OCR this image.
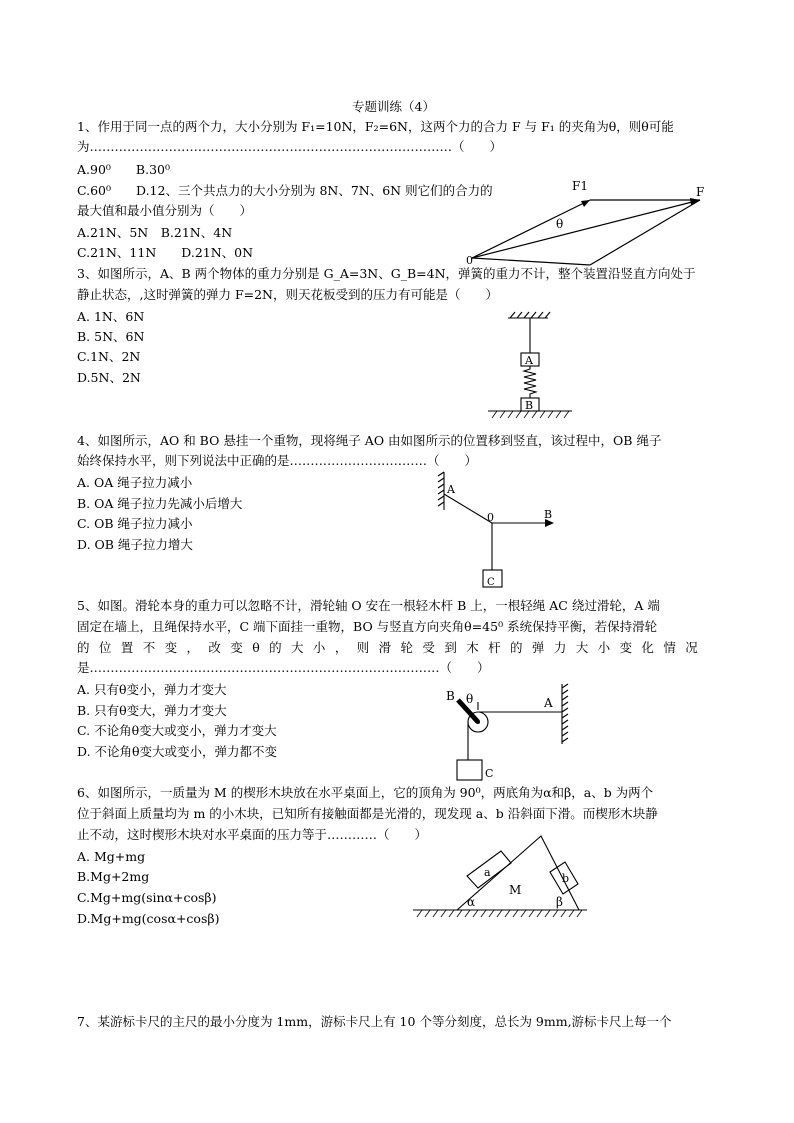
专题训练（4）
1、作用于同一点的两个力，大小分别为 F₁=10N，F₂=6N，这两个力的合力 F 与 F₁ 的夹角为θ，则θ可能
为……………………………………………………………………………（　　）
A.90⁰　　B.30⁰
C.60⁰　　D.12、三个共点力的大小分别为 8N、7N、6N 则它们的合力的
最大值和最小值分别为（　　）
A.21N、5N　B.21N、4N
C.21N、11N　　D.21N、0N
F1	F
θ
0
3、如图所示，A、B 两个物体的重力分别是 G_A=3N、G_B=4N，弹簧的重力不计，整个装置沿竖直方向处于
静止状态，,这时弹簧的弹力 F=2N，则天花板受到的压力有可能是（　　）
A. 1N、6N
B. 5N、6N
C.1N、2N
D.5N、2N
A
B
4、如图所示，AO 和 BO 悬挂一个重物，现将绳子 AO 由如图所示的位置移到竖直，该过程中，OB 绳子
始终保持水平，则下列说法中正确的是……………………………（　　）
A. OA 绳子拉力减小
B. OA 绳子拉力先减小后增大
C. OB 绳子拉力减小
D. OB 绳子拉力增大
A
0	B
C
5、如图。滑轮本身的重力可以忽略不计，滑轮轴 O 安在一根轻木杆 B 上，一根轻绳 AC 绕过滑轮，A 端
固定在墙上，且绳保持水平，C 端下面挂一重物，BO 与竖直方向夹角θ=45⁰ 系统保持平衡，若保持滑轮
的位置不变，改变θ的大小，则滑轮受到木杆的弹力大小变化情况
是…………………………………………………………………………（　　）
A. 只有θ变小，弹力才变大
B. 只有θ变大，弹力才变大
C. 不论角θ变大或变小，弹力才变大
D. 不论角θ变大或变小，弹力都不变
B θ	A
C
6、如图所示，一质量为 M 的楔形木块放在水平桌面上，它的顶角为 90⁰，两底角为α和β，a、b 为两个
位于斜面上质量均为 m 的小木块，已知所有接触面都是光滑的，现发现 a、b 沿斜面下滑。而楔形木块静
止不动，这时楔形木块对水平桌面的压力等于…………（　　）
A. Mg+mg
B.Mg+2mg
C.Mg+mg(sinα+cosβ)
D.Mg+mg(cosα+cosβ)
a
M
b
α	β
7、某游标卡尺的主尺的最小分度为 1mm，游标卡尺上有 10 个等分刻度，总长为 9mm,游标卡尺上每一个
